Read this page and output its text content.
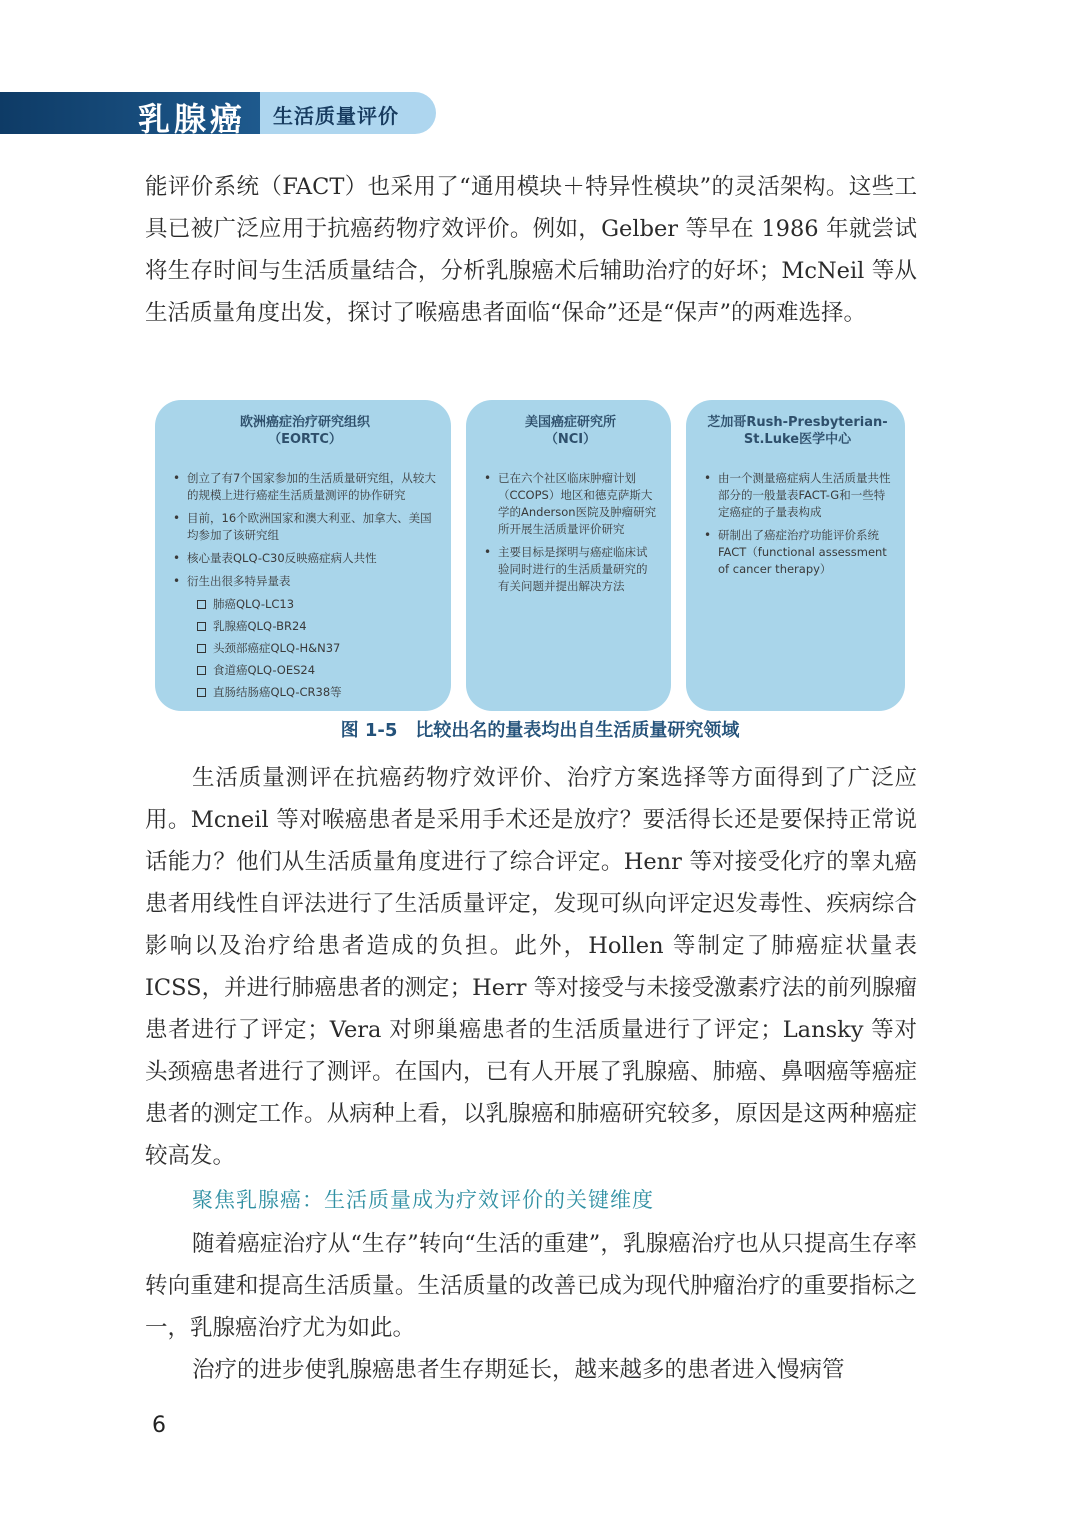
乳腺癌 生活质量评价

能评价系统（FACT）也采用了“通用模块＋特异性模块”的灵活架构。这些工具已被广泛应用于抗癌药物疗效评价。例如，Gelber 等早在 1986 年就尝试将生存时间与生活质量结合，分析乳腺癌术后辅助治疗的好坏；McNeil 等从生活质量角度出发，探讨了喉癌患者面临“保命”还是“保声”的两难选择。

欧洲癌症治疗研究组织
（EORTC）
• 创立了有7个国家参加的生活质量研究组，从较大的规模上进行癌症生活质量测评的协作研究
• 目前，16个欧洲国家和澳大利亚、加拿大、美国均参加了该研究组
• 核心量表QLQ-C30反映癌症病人共性
• 衍生出很多特异量表
肺癌QLQ-LC13
乳腺癌QLQ-BR24
头颈部癌症QLQ-H&N37
食道癌QLQ-OES24
直肠结肠癌QLQ-CR38等
美国癌症研究所
（NCI）
• 已在六个社区临床肿瘤计划（CCOPS）地区和德克萨斯大学的Anderson医院及肿瘤研究所开展生活质量评价研究
• 主要目标是探明与癌症临床试验同时进行的生活质量研究的有关问题并提出解决方法
芝加哥Rush-Presbyterian-
St.Luke医学中心
• 由一个测量癌症病人生活质量共性部分的一般量表FACT-G和一些特定癌症的子量表构成
• 研制出了癌症治疗功能评价系统FACT（functional assessment of cancer therapy）
图 1-5 比较出名的量表均出自生活质量研究领域

生活质量测评在抗癌药物疗效评价、治疗方案选择等方面得到了广泛应用。Mcneil 等对喉癌患者是采用手术还是放疗？要活得长还是要保持正常说话能力？他们从生活质量角度进行了综合评定。Henr 等对接受化疗的睾丸癌患者用线性自评法进行了生活质量评定，发现可纵向评定迟发毒性、疾病综合影响以及治疗给患者造成的负担。此外，Hollen 等制定了肺癌症状量表 ICSS，并进行肺癌患者的测定；Herr 等对接受与未接受激素疗法的前列腺瘤患者进行了评定；Vera 对卵巢癌患者的生活质量进行了评定；Lansky 等对头颈癌患者进行了测评。在国内，已有人开展了乳腺癌、肺癌、鼻咽癌等癌症患者的测定工作。从病种上看，以乳腺癌和肺癌研究较多，原因是这两种癌症较高发。

聚焦乳腺癌：生活质量成为疗效评价的关键维度

随着癌症治疗从“生存”转向“生活的重建”，乳腺癌治疗也从只提高生存率转向重建和提高生活质量。生活质量的改善已成为现代肿瘤治疗的重要指标之一，乳腺癌治疗尤为如此。

治疗的进步使乳腺癌患者生存期延长，越来越多的患者进入慢病管

6
